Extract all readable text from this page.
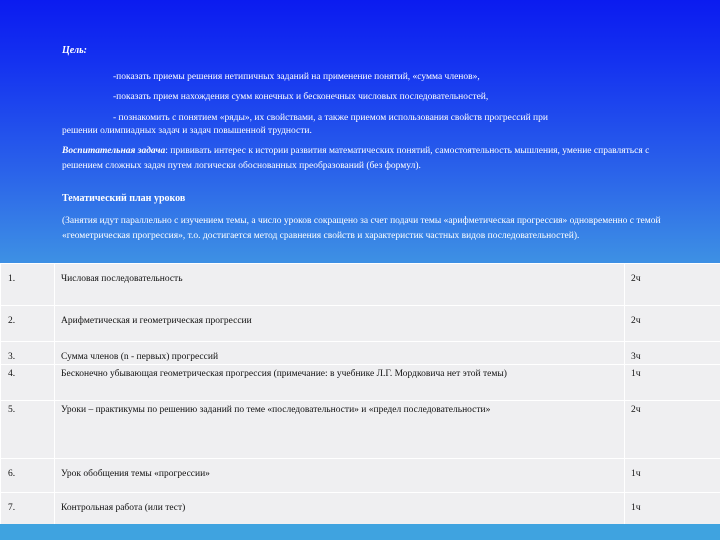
Цель:
-показать приемы решения нетипичных заданий на применение понятий, «сумма членов»,
-показать прием нахождения сумм конечных и бесконечных числовых последовательностей,
- познакомить с понятием «ряды», их свойствами, а также приемом использования свойств прогрессий при
решении олимпиадных задач и задач повышенной трудности.
Воспитательная задача: прививать интерес к истории развития математических понятий, самостоятельность мышления, умение справляться с решением сложных задач путем логически обоснованных преобразований (без формул).
Тематический план уроков
(Занятия идут параллельно с изучением темы, а число уроков сокращено за счет подачи темы «арифметическая прогрессия» одновременно с темой «геометрическая прогрессия», т.о. достигается метод сравнения свойств и характеристик частных видов последовательностей).
1.	Числовая последовательность	2ч
2.	Арифметическая и геометрическая прогрессии	2ч
3.	Сумма членов (n - первых) прогрессий	3ч
4.	Бесконечно убывающая геометрическая прогрессия (примечание: в учебнике Л.Г. Мордковича нет этой темы)	1ч
5.	Уроки – практикумы по решению заданий по теме «последовательности» и «предел последовательности»	2ч
6.	Урок обобщения темы «прогрессии»	1ч
7.	Контрольная работа (или тест)	1ч
